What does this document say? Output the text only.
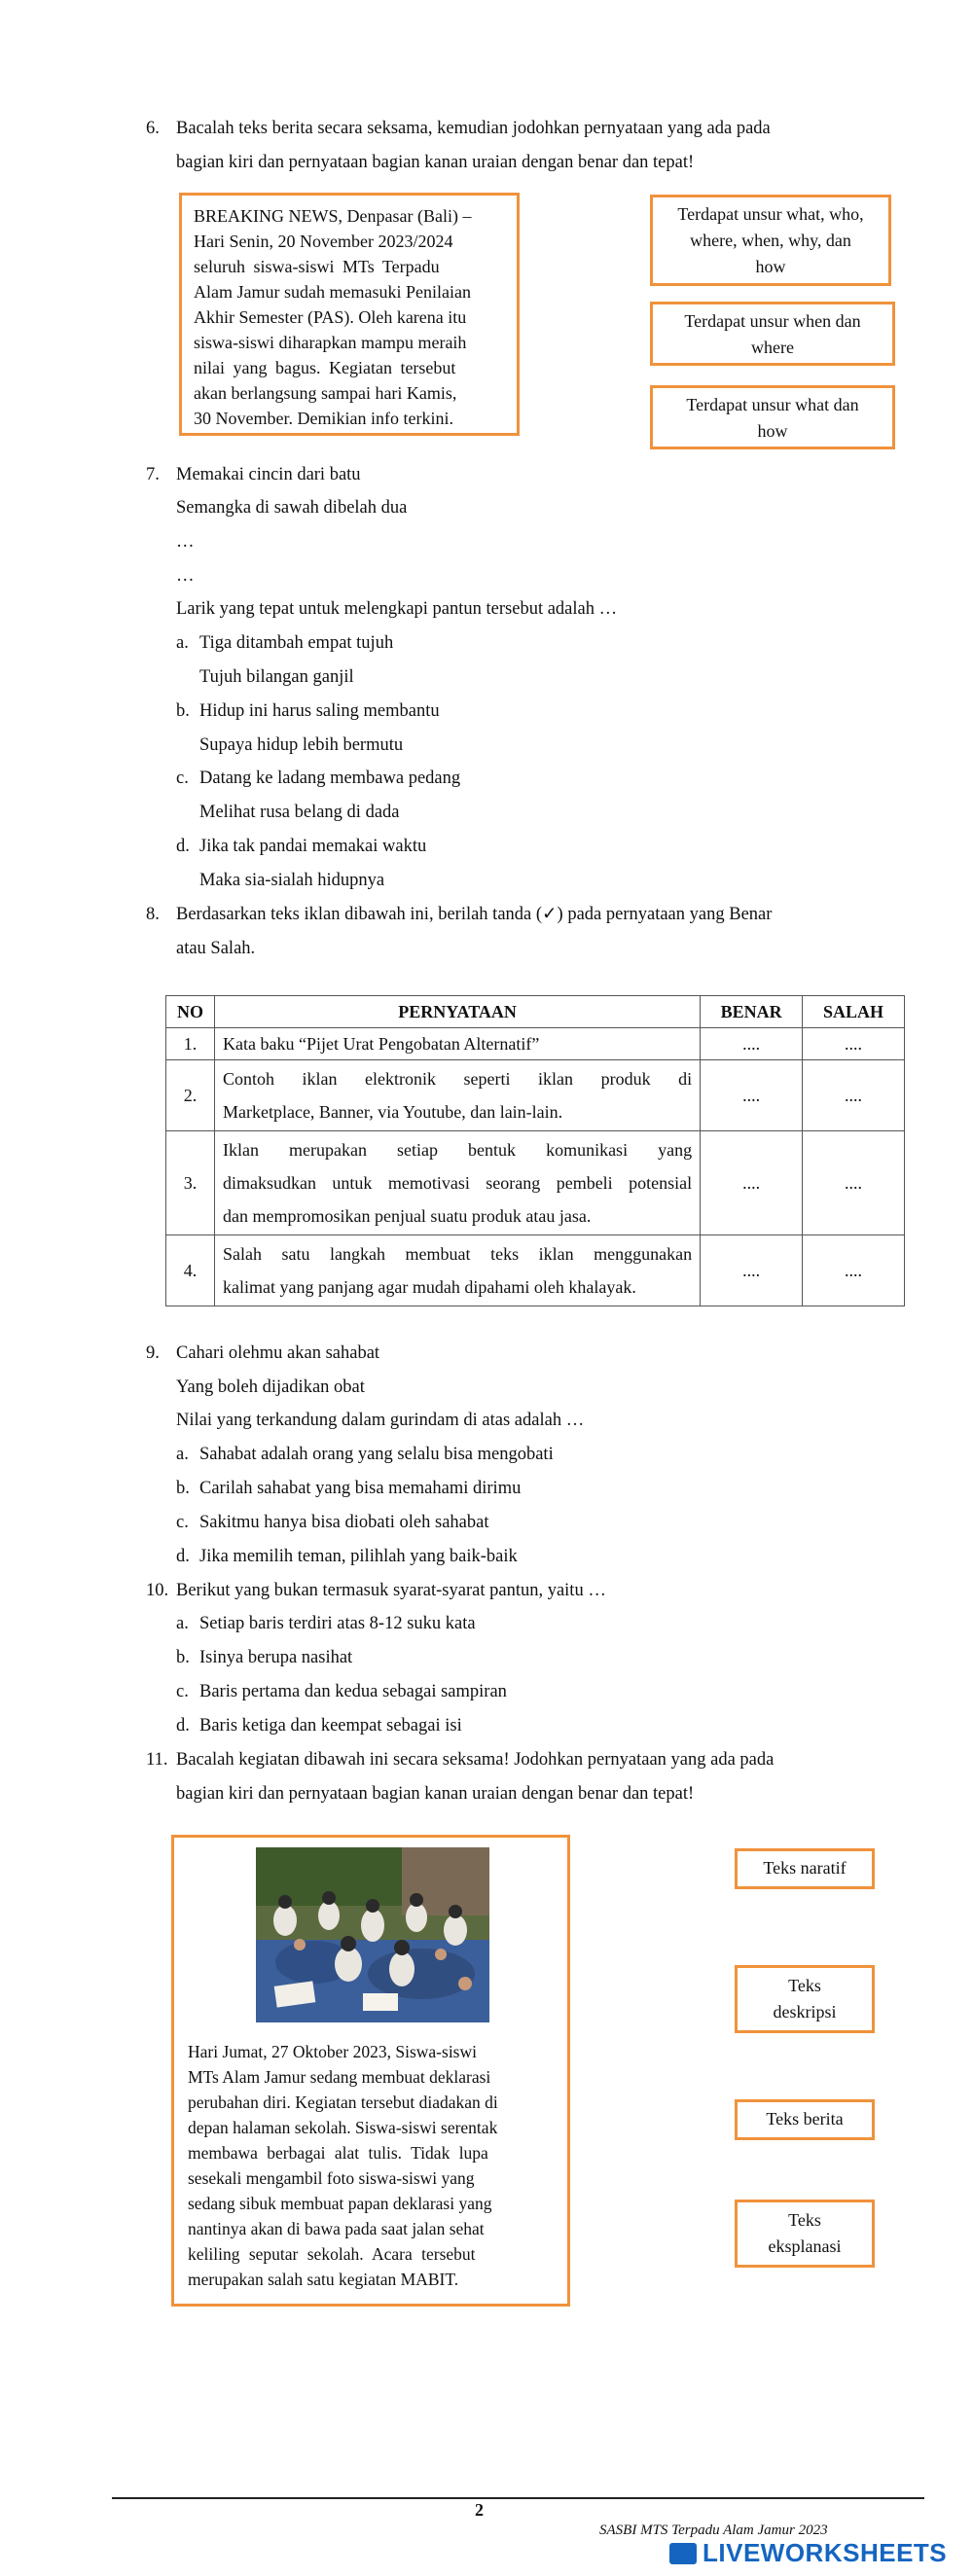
6. Bacalah teks berita secara seksama, kemudian jodohkan pernyataan yang ada pada
bagian kiri dan pernyataan bagian kanan uraian dengan benar dan tepat!
BREAKING NEWS, Denpasar (Bali) –
Hari Senin, 20 November 2023/2024
seluruh siswa-siswi MTs Terpadu
Alam Jamur sudah memasuki Penilaian
Akhir Semester (PAS). Oleh karena itu
siswa-siswi diharapkan mampu meraih
nilai yang bagus. Kegiatan tersebut
akan berlangsung sampai hari Kamis,
30 November. Demikian info terkini.
Terdapat unsur what, who,
where, when, why, dan
how
Terdapat unsur when dan
where
Terdapat unsur what dan
how
7. Memakai cincin dari batu
Semangka di sawah dibelah dua
…
…
Larik yang tepat untuk melengkapi pantun tersebut adalah …
a. Tiga ditambah empat tujuh
Tujuh bilangan ganjil
b. Hidup ini harus saling membantu
Supaya hidup lebih bermutu
c. Datang ke ladang membawa pedang
Melihat rusa belang di dada
d. Jika tak pandai memakai waktu
Maka sia-sialah hidupnya
8. Berdasarkan teks iklan dibawah ini, berilah tanda (✓) pada pernyataan yang Benar
atau Salah.
NO	PERNYATAAN	BENAR	SALAH
1.	Kata baku “Pijet Urat Pengobatan Alternatif”	....	....
2.	Contoh iklan elektronik seperti iklan produk di
Marketplace, Banner, via Youtube, dan lain-lain.	....	....
3.	Iklan merupakan setiap bentuk komunikasi yang
dimaksudkan untuk memotivasi seorang pembeli potensial
dan mempromosikan penjual suatu produk atau jasa.	....	....
4.	Salah satu langkah membuat teks iklan menggunakan
kalimat yang panjang agar mudah dipahami oleh khalayak.	....	....
9. Cahari olehmu akan sahabat
Yang boleh dijadikan obat
Nilai yang terkandung dalam gurindam di atas adalah …
a. Sahabat adalah orang yang selalu bisa mengobati
b. Carilah sahabat yang bisa memahami dirimu
c. Sakitmu hanya bisa diobati oleh sahabat
d. Jika memilih teman, pilihlah yang baik-baik
10. Berikut yang bukan termasuk syarat-syarat pantun, yaitu …
a. Setiap baris terdiri atas 8-12 suku kata
b. Isinya berupa nasihat
c. Baris pertama dan kedua sebagai sampiran
d. Baris ketiga dan keempat sebagai isi
11. Bacalah kegiatan dibawah ini secara seksama! Jodohkan pernyataan yang ada pada
bagian kiri dan pernyataan bagian kanan uraian dengan benar dan tepat!
Hari Jumat, 27 Oktober 2023, Siswa-siswi
MTs Alam Jamur sedang membuat deklarasi
perubahan diri. Kegiatan tersebut diadakan di
depan halaman sekolah. Siswa-siswi serentak
membawa berbagai alat tulis. Tidak lupa
sesekali mengambil foto siswa-siswi yang
sedang sibuk membuat papan deklarasi yang
nantinya akan di bawa pada saat jalan sehat
keliling seputar sekolah. Acara tersebut
merupakan salah satu kegiatan MABIT.
Teks naratif
Teks
deskripsi
Teks berita
Teks
eksplanasi
2
SASBI MTS Terpadu Alam Jamur 2023
LIVEWORKSHEETS
